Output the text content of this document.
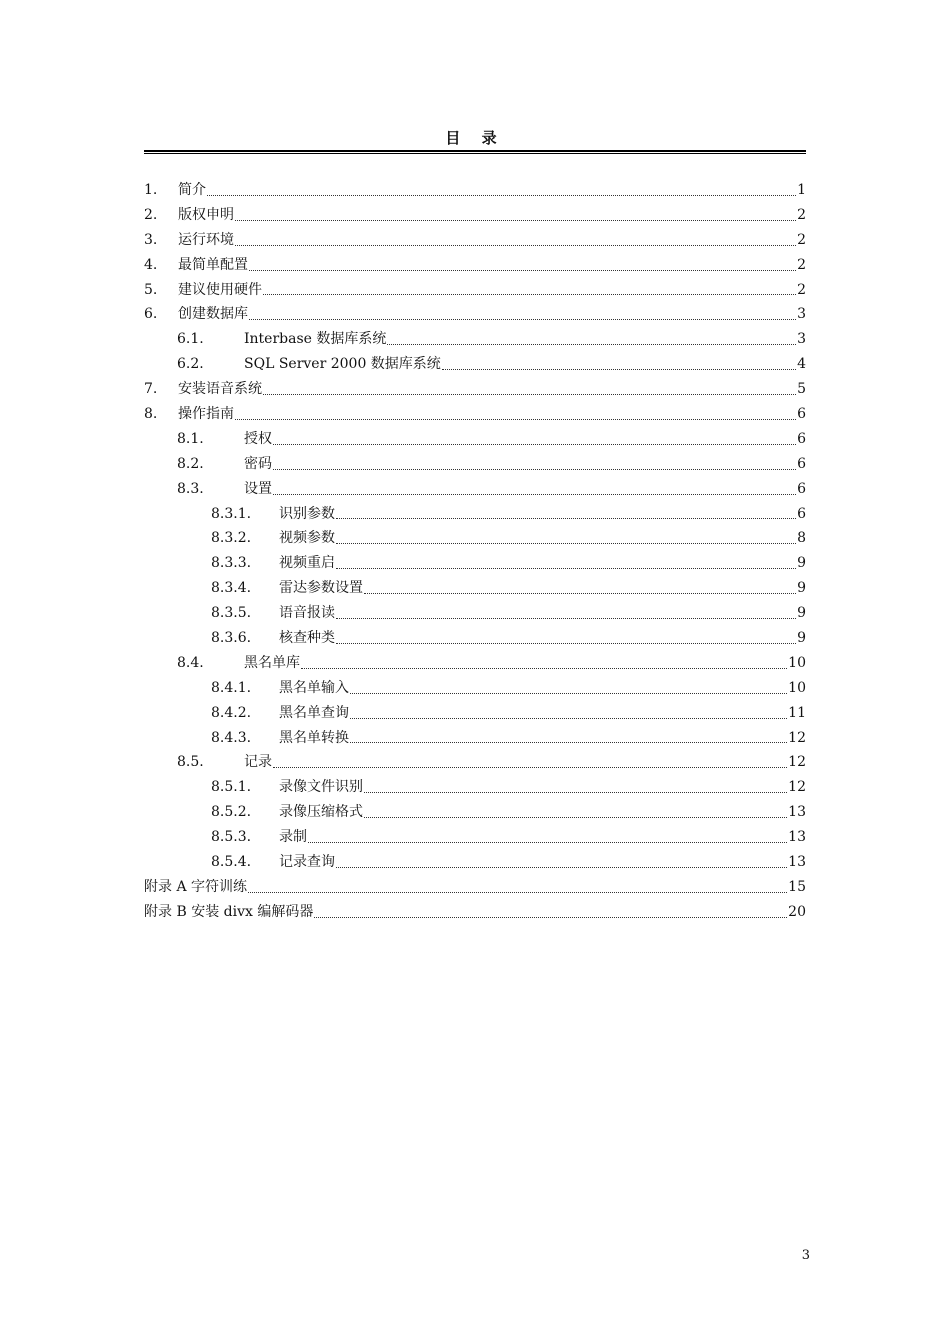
目 录
1.	简介	1
2.	版权申明	2
3.	运行环境	2
4.	最简单配置	2
5.	建议使用硬件	2
6.	创建数据库	3
6.1.	Interbase 数据库系统	3
6.2.	SQL Server 2000 数据库系统	4
7.	安装语音系统	5
8.	操作指南	6
8.1.	授权	6
8.2.	密码	6
8.3.	设置	6
8.3.1.	识别参数	6
8.3.2.	视频参数	8
8.3.3.	视频重启	9
8.3.4.	雷达参数设置	9
8.3.5.	语音报读	9
8.3.6.	核查种类	9
8.4.	黑名单库	10
8.4.1.	黑名单输入	10
8.4.2.	黑名单查询	11
8.4.3.	黑名单转换	12
8.5.	记录	12
8.5.1.	录像文件识别	12
8.5.2.	录像压缩格式	13
8.5.3.	录制	13
8.5.4.	记录查询	13
附录 A 字符训练	15
附录 B 安装 divx 编解码器	20
3
